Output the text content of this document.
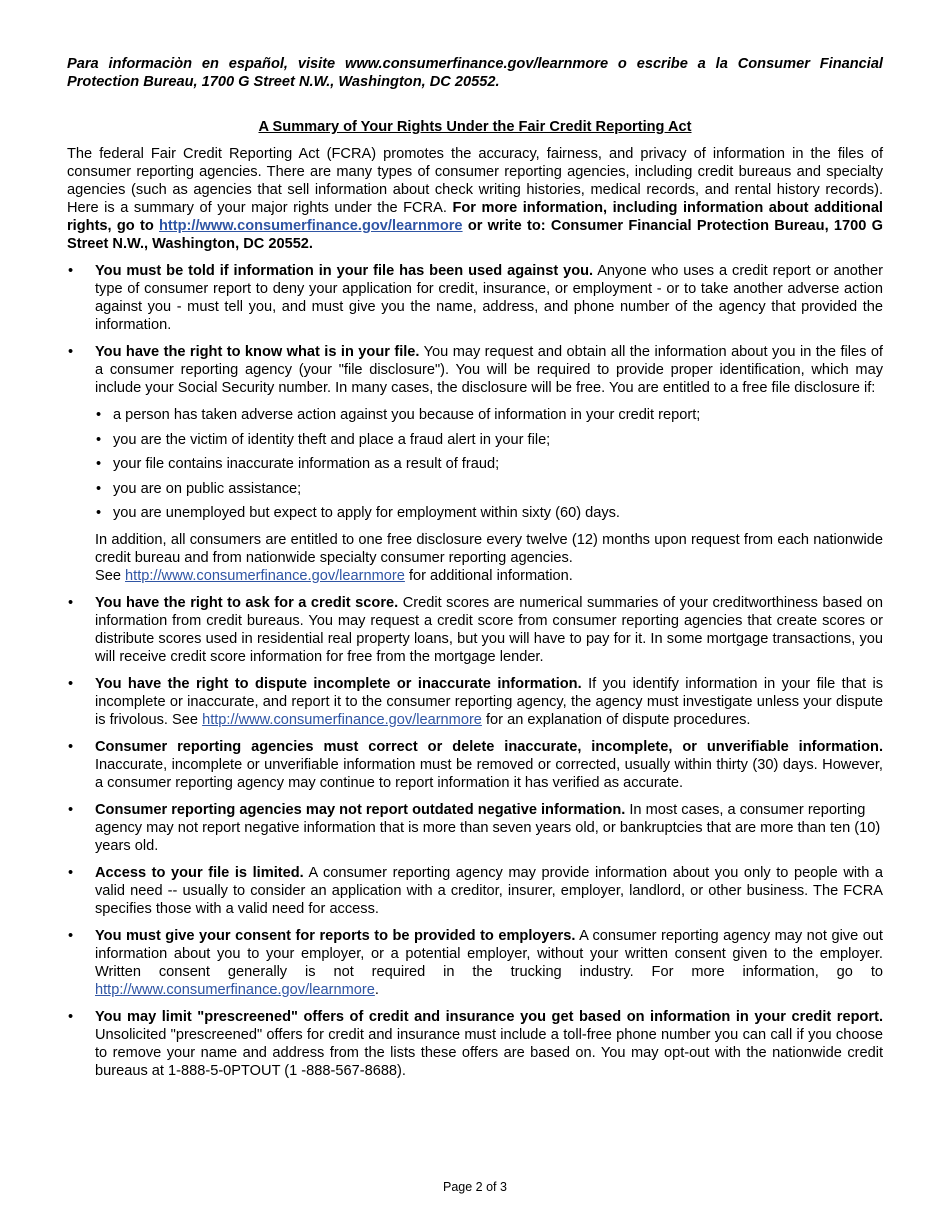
Para informaciὸn en español, visite www.consumerfinance.gov/learnmore o escribe a la Consumer Financial Protection Bureau, 1700 G Street N.W., Washington, DC 20552.

A Summary of Your Rights Under the Fair Credit Reporting Act

The federal Fair Credit Reporting Act (FCRA) promotes the accuracy, fairness, and privacy of information in the files of consumer reporting agencies. There are many types of consumer reporting agencies, including credit bureaus and specialty agencies (such as agencies that sell information about check writing histories, medical records, and rental history records). Here is a summary of your major rights under the FCRA. For more information, including information about additional rights, go to http://www.consumerfinance.gov/learnmore or write to: Consumer Financial Protection Bureau, 1700 G Street N.W., Washington, DC 20552.

• You must be told if information in your file has been used against you. Anyone who uses a credit report or another type of consumer report to deny your application for credit, insurance, or employment - or to take another adverse action against you - must tell you, and must give you the name, address, and phone number of the agency that provided the information.
• You have the right to know what is in your file. You may request and obtain all the information about you in the files of a consumer reporting agency (your "file disclosure"). You will be required to provide proper identification, which may include your Social Security number. In many cases, the disclosure will be free. You are entitled to a free file disclosure if:
• a person has taken adverse action against you because of information in your credit report;
• you are the victim of identity theft and place a fraud alert in your file;
• your file contains inaccurate information as a result of fraud;
• you are on public assistance;
• you are unemployed but expect to apply for employment within sixty (60) days.
In addition, all consumers are entitled to one free disclosure every twelve (12) months upon request from each nationwide credit bureau and from nationwide specialty consumer reporting agencies.
See http://www.consumerfinance.gov/learnmore for additional information.
• You have the right to ask for a credit score. Credit scores are numerical summaries of your creditworthiness based on information from credit bureaus. You may request a credit score from consumer reporting agencies that create scores or distribute scores used in residential real property loans, but you will have to pay for it. In some mortgage transactions, you will receive credit score information for free from the mortgage lender.
• You have the right to dispute incomplete or inaccurate information. If you identify information in your file that is incomplete or inaccurate, and report it to the consumer reporting agency, the agency must investigate unless your dispute is frivolous. See http://www.consumerfinance.gov/learnmore for an explanation of dispute procedures.
• Consumer reporting agencies must correct or delete inaccurate, incomplete, or unverifiable information. Inaccurate, incomplete or unverifiable information must be removed or corrected, usually within thirty (30) days. However, a consumer reporting agency may continue to report information it has verified as accurate.
• Consumer reporting agencies may not report outdated negative information. In most cases, a consumer reporting agency may not report negative information that is more than seven years old, or bankruptcies that are more than ten (10) years old.
• Access to your file is limited. A consumer reporting agency may provide information about you only to people with a valid need -- usually to consider an application with a creditor, insurer, employer, landlord, or other business. The FCRA specifies those with a valid need for access.
• You must give your consent for reports to be provided to employers. A consumer reporting agency may not give out information about you to your employer, or a potential employer, without your written consent given to the employer. Written consent generally is not required in the trucking industry. For more information, go to http://www.consumerfinance.gov/learnmore.
• You may limit "prescreened" offers of credit and insurance you get based on information in your credit report. Unsolicited "prescreened" offers for credit and insurance must include a toll-free phone number you can call if you choose to remove your name and address from the lists these offers are based on. You may opt-out with the nationwide credit bureaus at 1-888-5-0PTOUT (1 -888-567-8688).
Page 2 of 3
